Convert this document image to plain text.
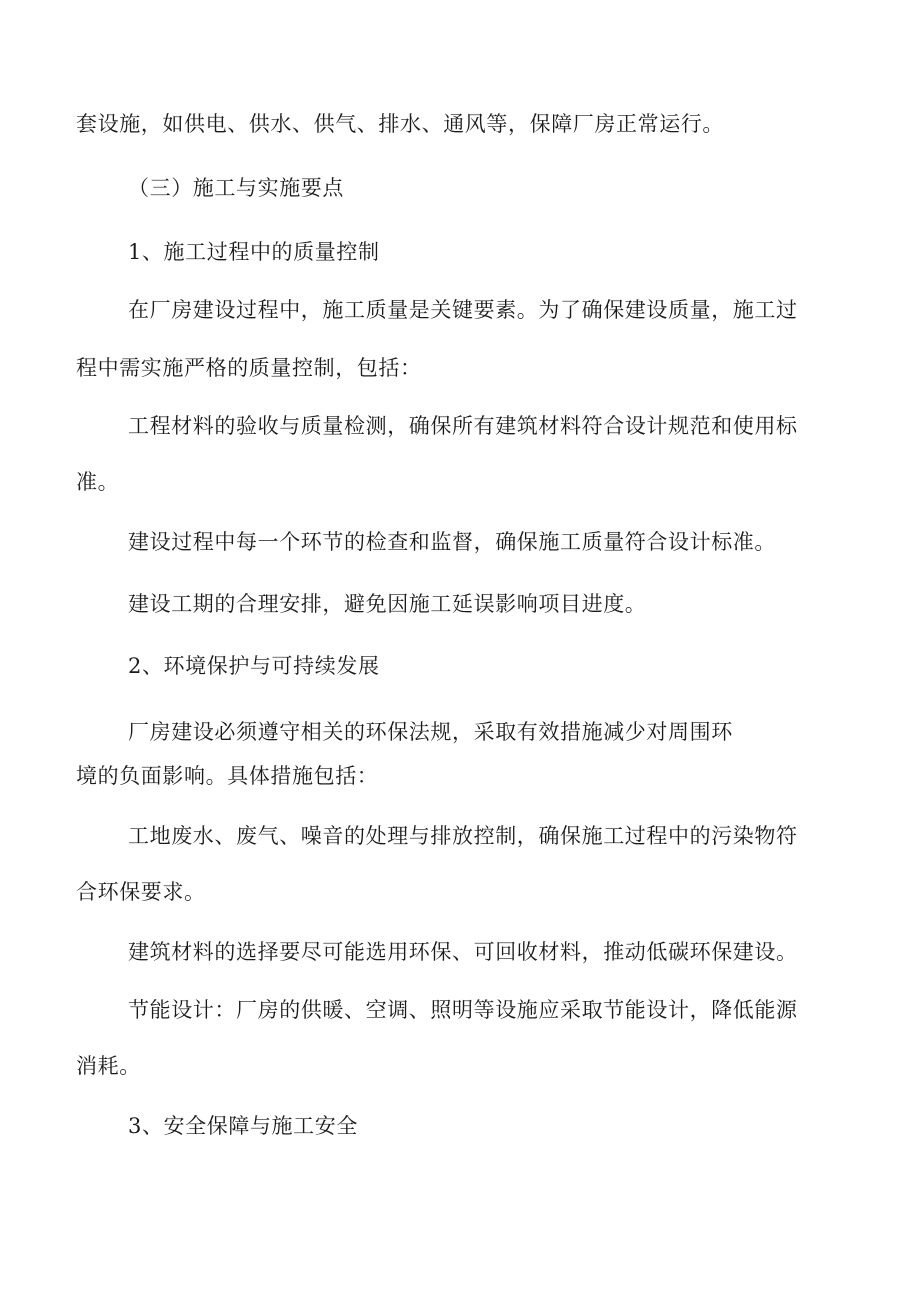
套设施，如供电、供水、供气、排水、通风等，保障厂房正常运行。
（三）施工与实施要点
1、施工过程中的质量控制
在厂房建设过程中，施工质量是关键要素。为了确保建设质量，施工过
程中需实施严格的质量控制，包括：
工程材料的验收与质量检测，确保所有建筑材料符合设计规范和使用标
准。
建设过程中每一个环节的检查和监督，确保施工质量符合设计标准。
建设工期的合理安排，避免因施工延误影响项目进度。
2、环境保护与可持续发展
厂房建设必须遵守相关的环保法规，采取有效措施减少对周围环
境的负面影响。具体措施包括：
工地废水、废气、噪音的处理与排放控制，确保施工过程中的污染物符
合环保要求。
建筑材料的选择要尽可能选用环保、可回收材料，推动低碳环保建设。
节能设计：厂房的供暖、空调、照明等设施应采取节能设计，降低能源
消耗。
3、安全保障与施工安全
